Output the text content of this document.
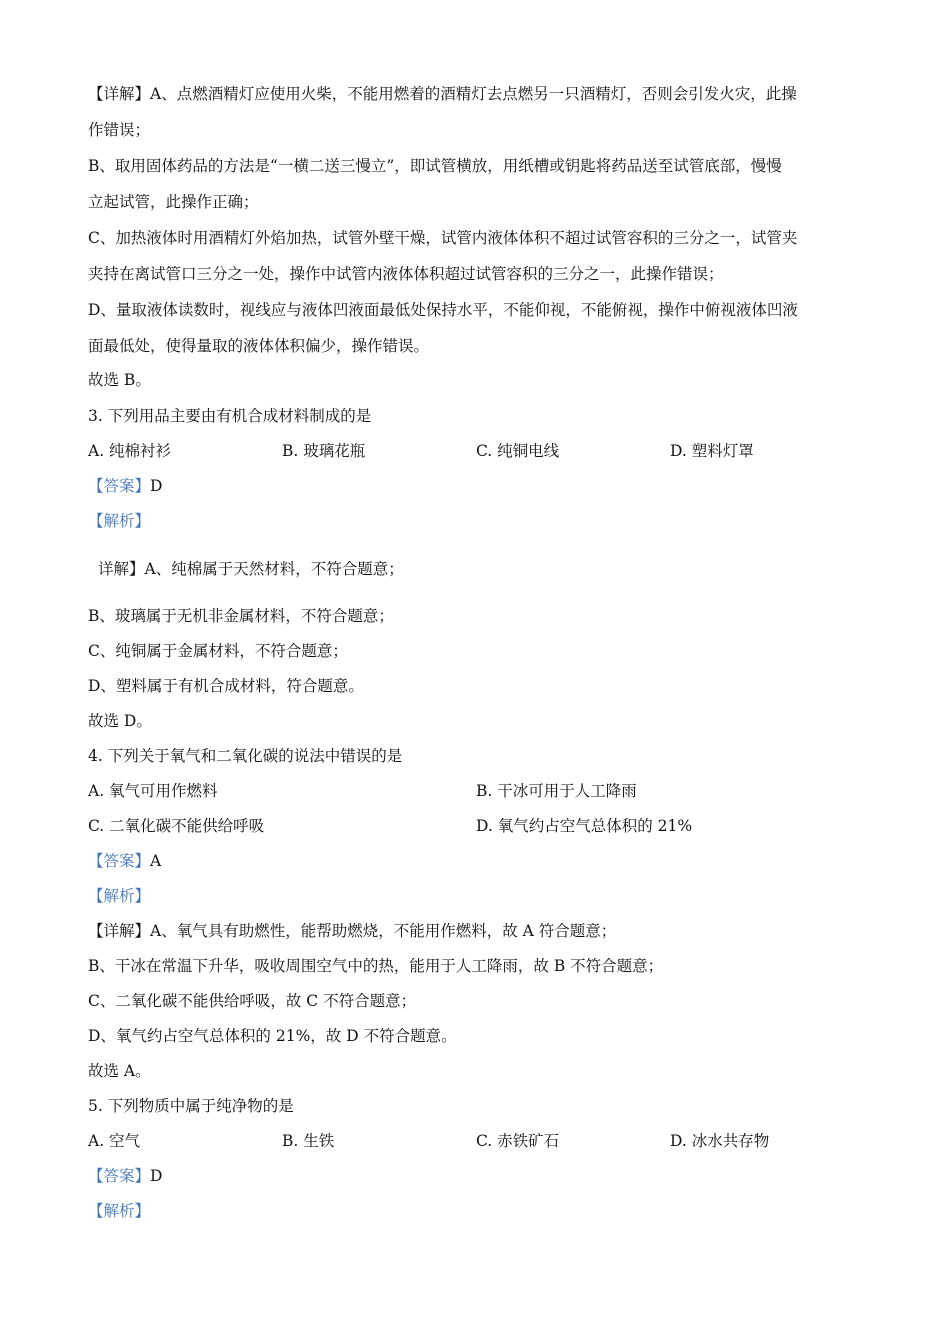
【详解】A、点燃酒精灯应使用火柴，不能用燃着的酒精灯去点燃另一只酒精灯，否则会引发火灾，此操
作错误；
B、取用固体药品的方法是“一横二送三慢立”，即试管横放，用纸槽或钥匙将药品送至试管底部，慢慢
立起试管，此操作正确；
C、加热液体时用酒精灯外焰加热，试管外壁干燥，试管内液体体积不超过试管容积的三分之一，试管夹
夹持在离试管口三分之一处，操作中试管内液体体积超过试管容积的三分之一，此操作错误；
D、量取液体读数时，视线应与液体凹液面最低处保持水平，不能仰视，不能俯视，操作中俯视液体凹液
面最低处，使得量取的液体体积偏少，操作错误。
故选 B。
3. 下列用品主要由有机合成材料制成的是
A. 纯棉衬衫	B. 玻璃花瓶	C. 纯铜电线	D. 塑料灯罩
【答案】D
【解析】
详解】A、纯棉属于天然材料，不符合题意；
B、玻璃属于无机非金属材料，不符合题意；
C、纯铜属于金属材料，不符合题意；
D、塑料属于有机合成材料，符合题意。
故选 D。
4. 下列关于氧气和二氧化碳的说法中错误的是
A. 氧气可用作燃料	B. 干冰可用于人工降雨
C. 二氧化碳不能供给呼吸	D. 氧气约占空气总体积的 21%
【答案】A
【解析】
【详解】A、氧气具有助燃性，能帮助燃烧，不能用作燃料，故 A 符合题意；
B、干冰在常温下升华，吸收周围空气中的热，能用于人工降雨，故 B 不符合题意；
C、二氧化碳不能供给呼吸，故 C 不符合题意；
D、氧气约占空气总体积的 21%，故 D 不符合题意。
故选 A。
5. 下列物质中属于纯净物的是
A. 空气	B. 生铁	C. 赤铁矿石	D. 冰水共存物
【答案】D
【解析】
